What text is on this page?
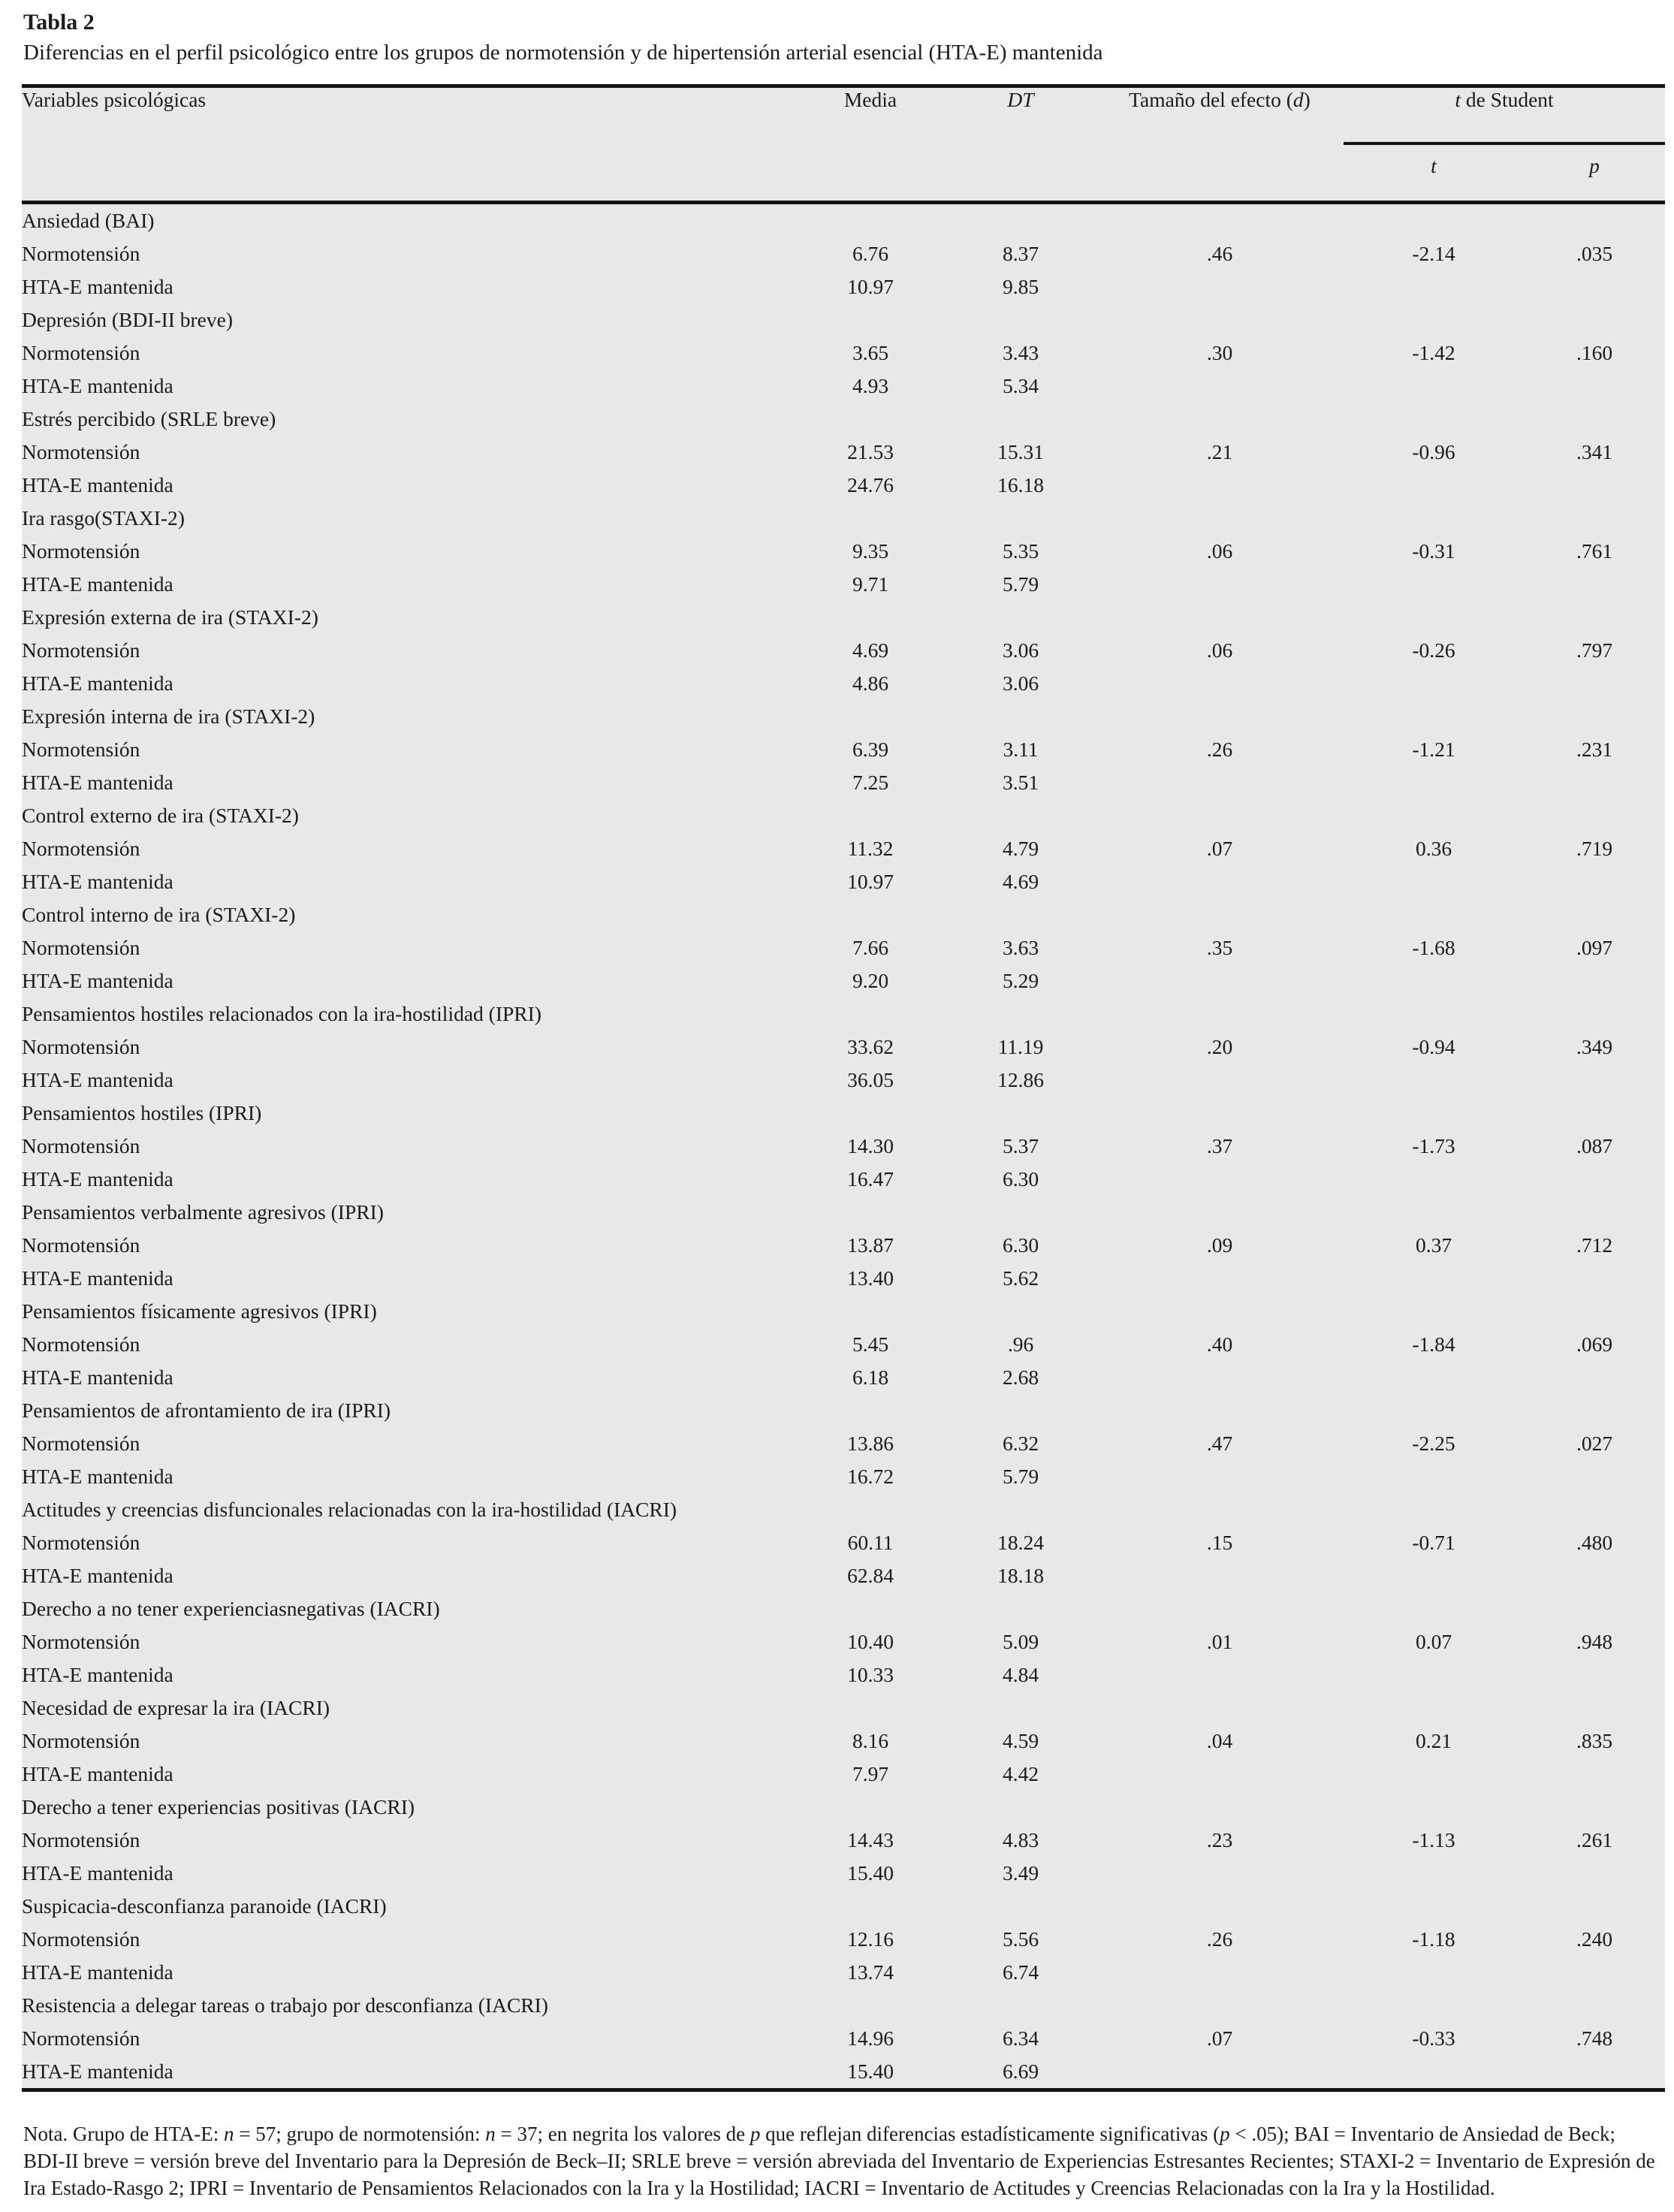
Tabla 2
Diferencias en el perfil psicológico entre los grupos de normotensión y de hipertensión arterial esencial (HTA-E) mantenida
Variables psicológicas	Media	DT	Tamaño del efecto (d)	t de Student	
				t	p
Ansiedad (BAI)					
Normotensión	6.76	8.37	.46	-2.14	.035
HTA-E mantenida	10.97	9.85			
Depresión (BDI-II breve)					
Normotensión	3.65	3.43	.30	-1.42	.160
HTA-E mantenida	4.93	5.34			
Estrés percibido (SRLE breve)					
Normotensión	21.53	15.31	.21	-0.96	.341
HTA-E mantenida	24.76	16.18			
Ira rasgo(STAXI-2)					
Normotensión	9.35	5.35	.06	-0.31	.761
HTA-E mantenida	9.71	5.79			
Expresión externa de ira (STAXI-2)					
Normotensión	4.69	3.06	.06	-0.26	.797
HTA-E mantenida	4.86	3.06			
Expresión interna de ira (STAXI-2)					
Normotensión	6.39	3.11	.26	-1.21	.231
HTA-E mantenida	7.25	3.51			
Control externo de ira (STAXI-2)					
Normotensión	11.32	4.79	.07	0.36	.719
HTA-E mantenida	10.97	4.69			
Control interno de ira (STAXI-2)					
Normotensión	7.66	3.63	.35	-1.68	.097
HTA-E mantenida	9.20	5.29			
Pensamientos hostiles relacionados con la ira-hostilidad (IPRI)					
Normotensión	33.62	11.19	.20	-0.94	.349
HTA-E mantenida	36.05	12.86			
Pensamientos hostiles (IPRI)					
Normotensión	14.30	5.37	.37	-1.73	.087
HTA-E mantenida	16.47	6.30			
Pensamientos verbalmente agresivos (IPRI)					
Normotensión	13.87	6.30	.09	0.37	.712
HTA-E mantenida	13.40	5.62			
Pensamientos físicamente agresivos (IPRI)					
Normotensión	5.45	.96	.40	-1.84	.069
HTA-E mantenida	6.18	2.68			
Pensamientos de afrontamiento de ira (IPRI)					
Normotensión	13.86	6.32	.47	-2.25	.027
HTA-E mantenida	16.72	5.79			
Actitudes y creencias disfuncionales relacionadas con la ira-hostilidad (IACRI)					
Normotensión	60.11	18.24	.15	-0.71	.480
HTA-E mantenida	62.84	18.18			
Derecho a no tener experienciasnegativas (IACRI)					
Normotensión	10.40	5.09	.01	0.07	.948
HTA-E mantenida	10.33	4.84			
Necesidad de expresar la ira (IACRI)					
Normotensión	8.16	4.59	.04	0.21	.835
HTA-E mantenida	7.97	4.42			
Derecho a tener experiencias positivas (IACRI)					
Normotensión	14.43	4.83	.23	-1.13	.261
HTA-E mantenida	15.40	3.49			
Suspicacia-desconfianza paranoide (IACRI)					
Normotensión	12.16	5.56	.26	-1.18	.240
HTA-E mantenida	13.74	6.74			
Resistencia a delegar tareas o trabajo por desconfianza (IACRI)					
Normotensión	14.96	6.34	.07	-0.33	.748
HTA-E mantenida	15.40	6.69			

Nota. Grupo de HTA-E: n = 57; grupo de normotensión: n = 37; en negrita los valores de p que reflejan diferencias estadísticamente significativas (p < .05); BAI = Inventario de Ansiedad de Beck; BDI-II breve = versión breve del Inventario para la Depresión de Beck–II; SRLE breve = versión abreviada del Inventario de Experiencias Estresantes Recientes; STAXI-2 = Inventario de Expresión de Ira Estado-Rasgo 2; IPRI = Inventario de Pensamientos Relacionados con la Ira y la Hostilidad; IACRI = Inventario de Actitudes y Creencias Relacionadas con la Ira y la Hostilidad.
